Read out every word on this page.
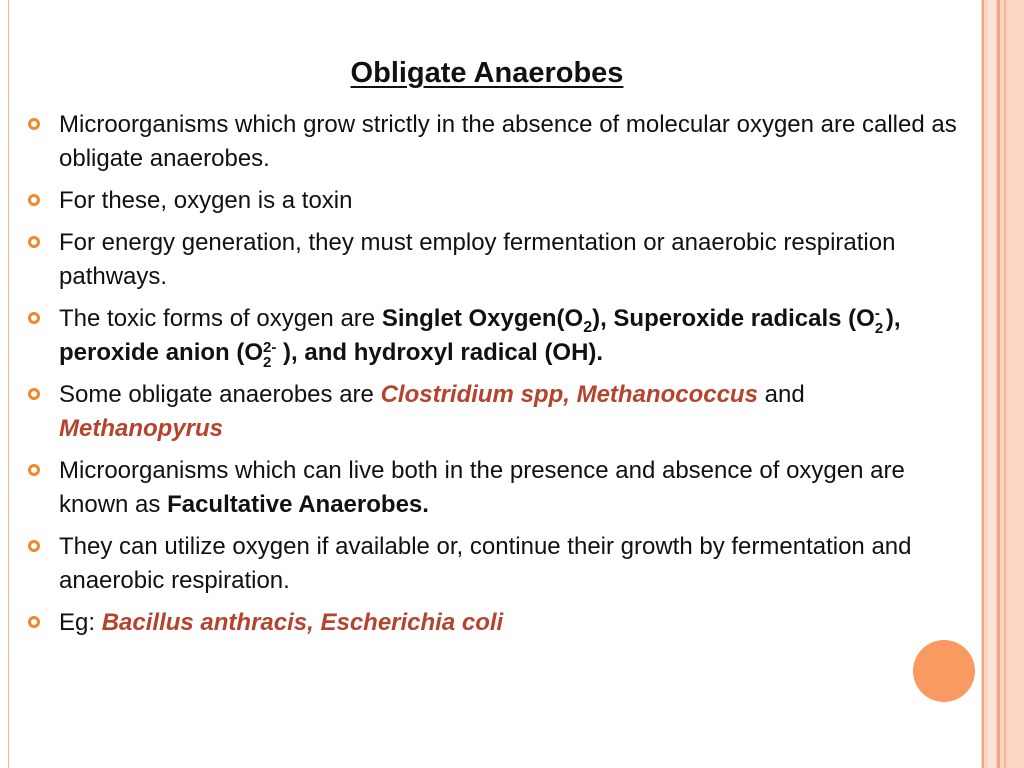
Obligate Anaerobes
Microorganisms which grow strictly in the absence of molecular oxygen are called as obligate anaerobes.
For these, oxygen is a toxin
For energy generation, they must employ fermentation or anaerobic respiration pathways.
The toxic forms of oxygen are Singlet $Oxygen(O_2)$, Superoxide radicals (O -
2 ), peroxide anion (O 2-
2 ), and hydroxyl radical (OH).
Some obligate anaerobes are Clostridium spp, Methanococcus and Methanopyrus
Microorganisms which can live both in the presence and absence of oxygen are known as Facultative Anaerobes.
They can utilize oxygen if available or, continue their growth by fermentation and anaerobic respiration.
Eg: Bacillus anthracis, Escherichia coli
